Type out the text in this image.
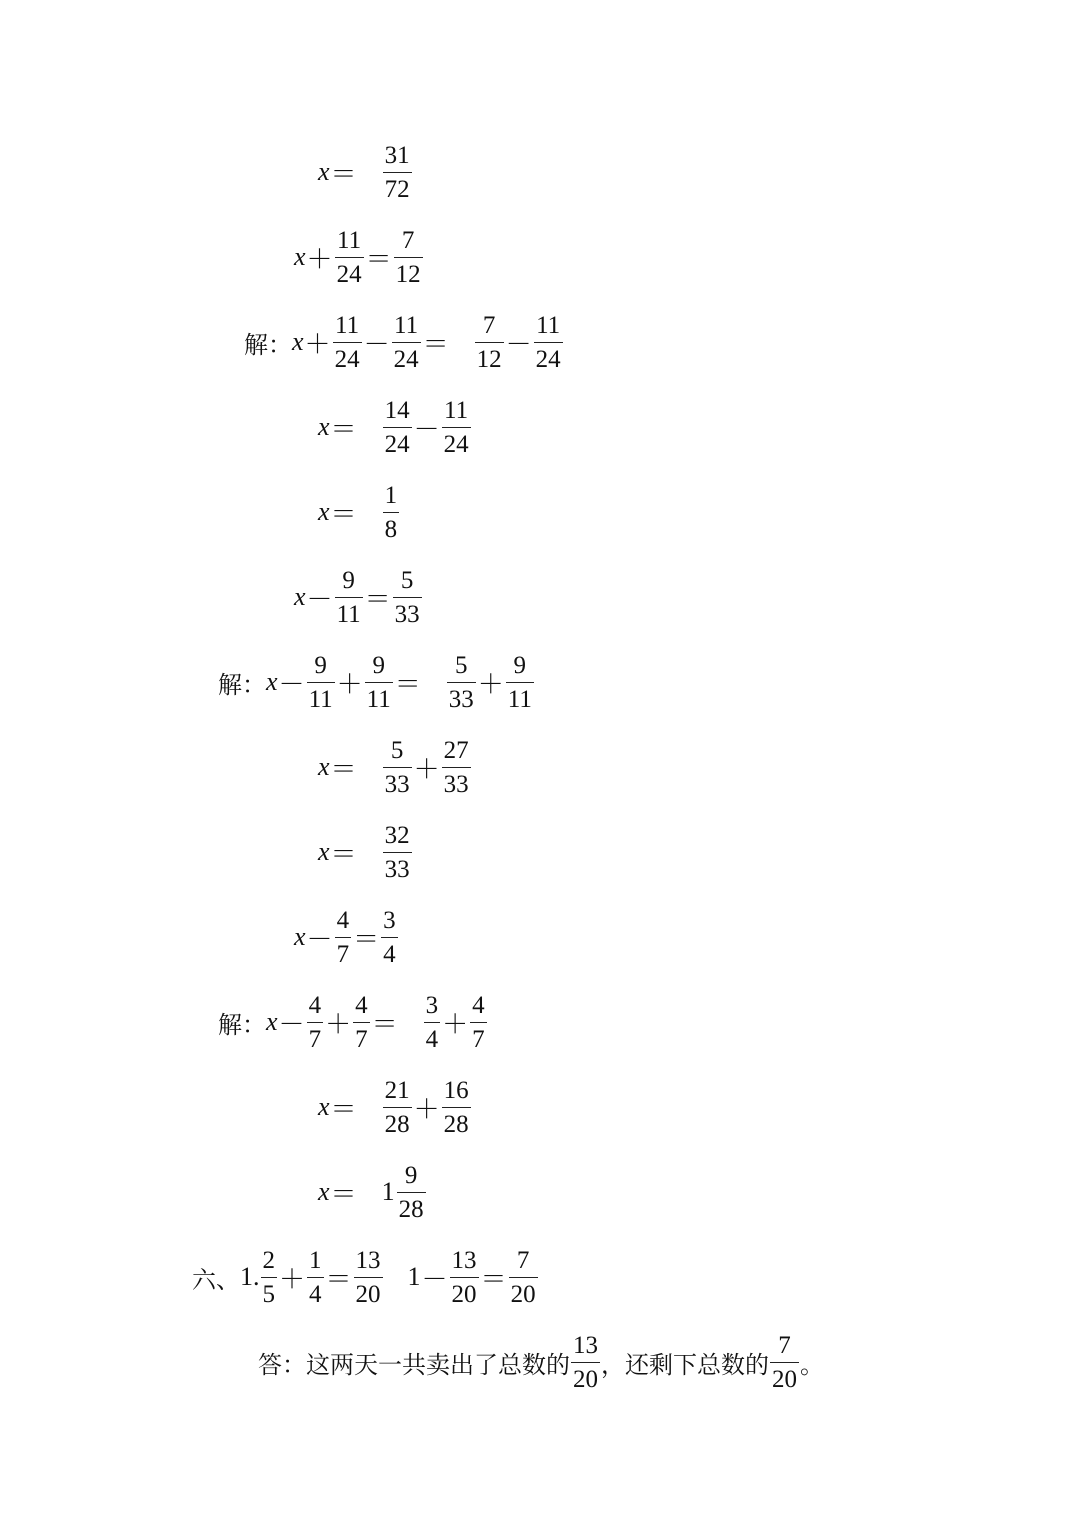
$x = \frac{31}{72}$
$x + \frac{11}{24} = \frac{7}{12}$
解： $x + \frac{11}{24} - \frac{11}{24} = \frac{7}{12} - \frac{11}{24}$
$x = \frac{14}{24} - \frac{11}{24}$
$x = \frac{1}{8}$
$x - \frac{9}{11} = \frac{5}{33}$
解： $x - \frac{9}{11} + \frac{9}{11} = \frac{5}{33} + \frac{9}{11}$
$x = \frac{5}{33} + \frac{27}{33}$
$x = \frac{32}{33}$
$x - \frac{4}{7} = \frac{3}{4}$
解： $x - \frac{4}{7} + \frac{4}{7} = \frac{3}{4} + \frac{4}{7}$
$x = \frac{21}{28} + \frac{16}{28}$
$x = 1 \frac{9}{28}$
六、 1. $\frac{2}{5} + \frac{1}{4} = \frac{13}{20} 1 - \frac{13}{20} = \frac{7}{20}$
答：这两天一共卖出了总数的 $\frac{13}{20}$ ，还剩下总数的 $\frac{7}{20}$ 。
